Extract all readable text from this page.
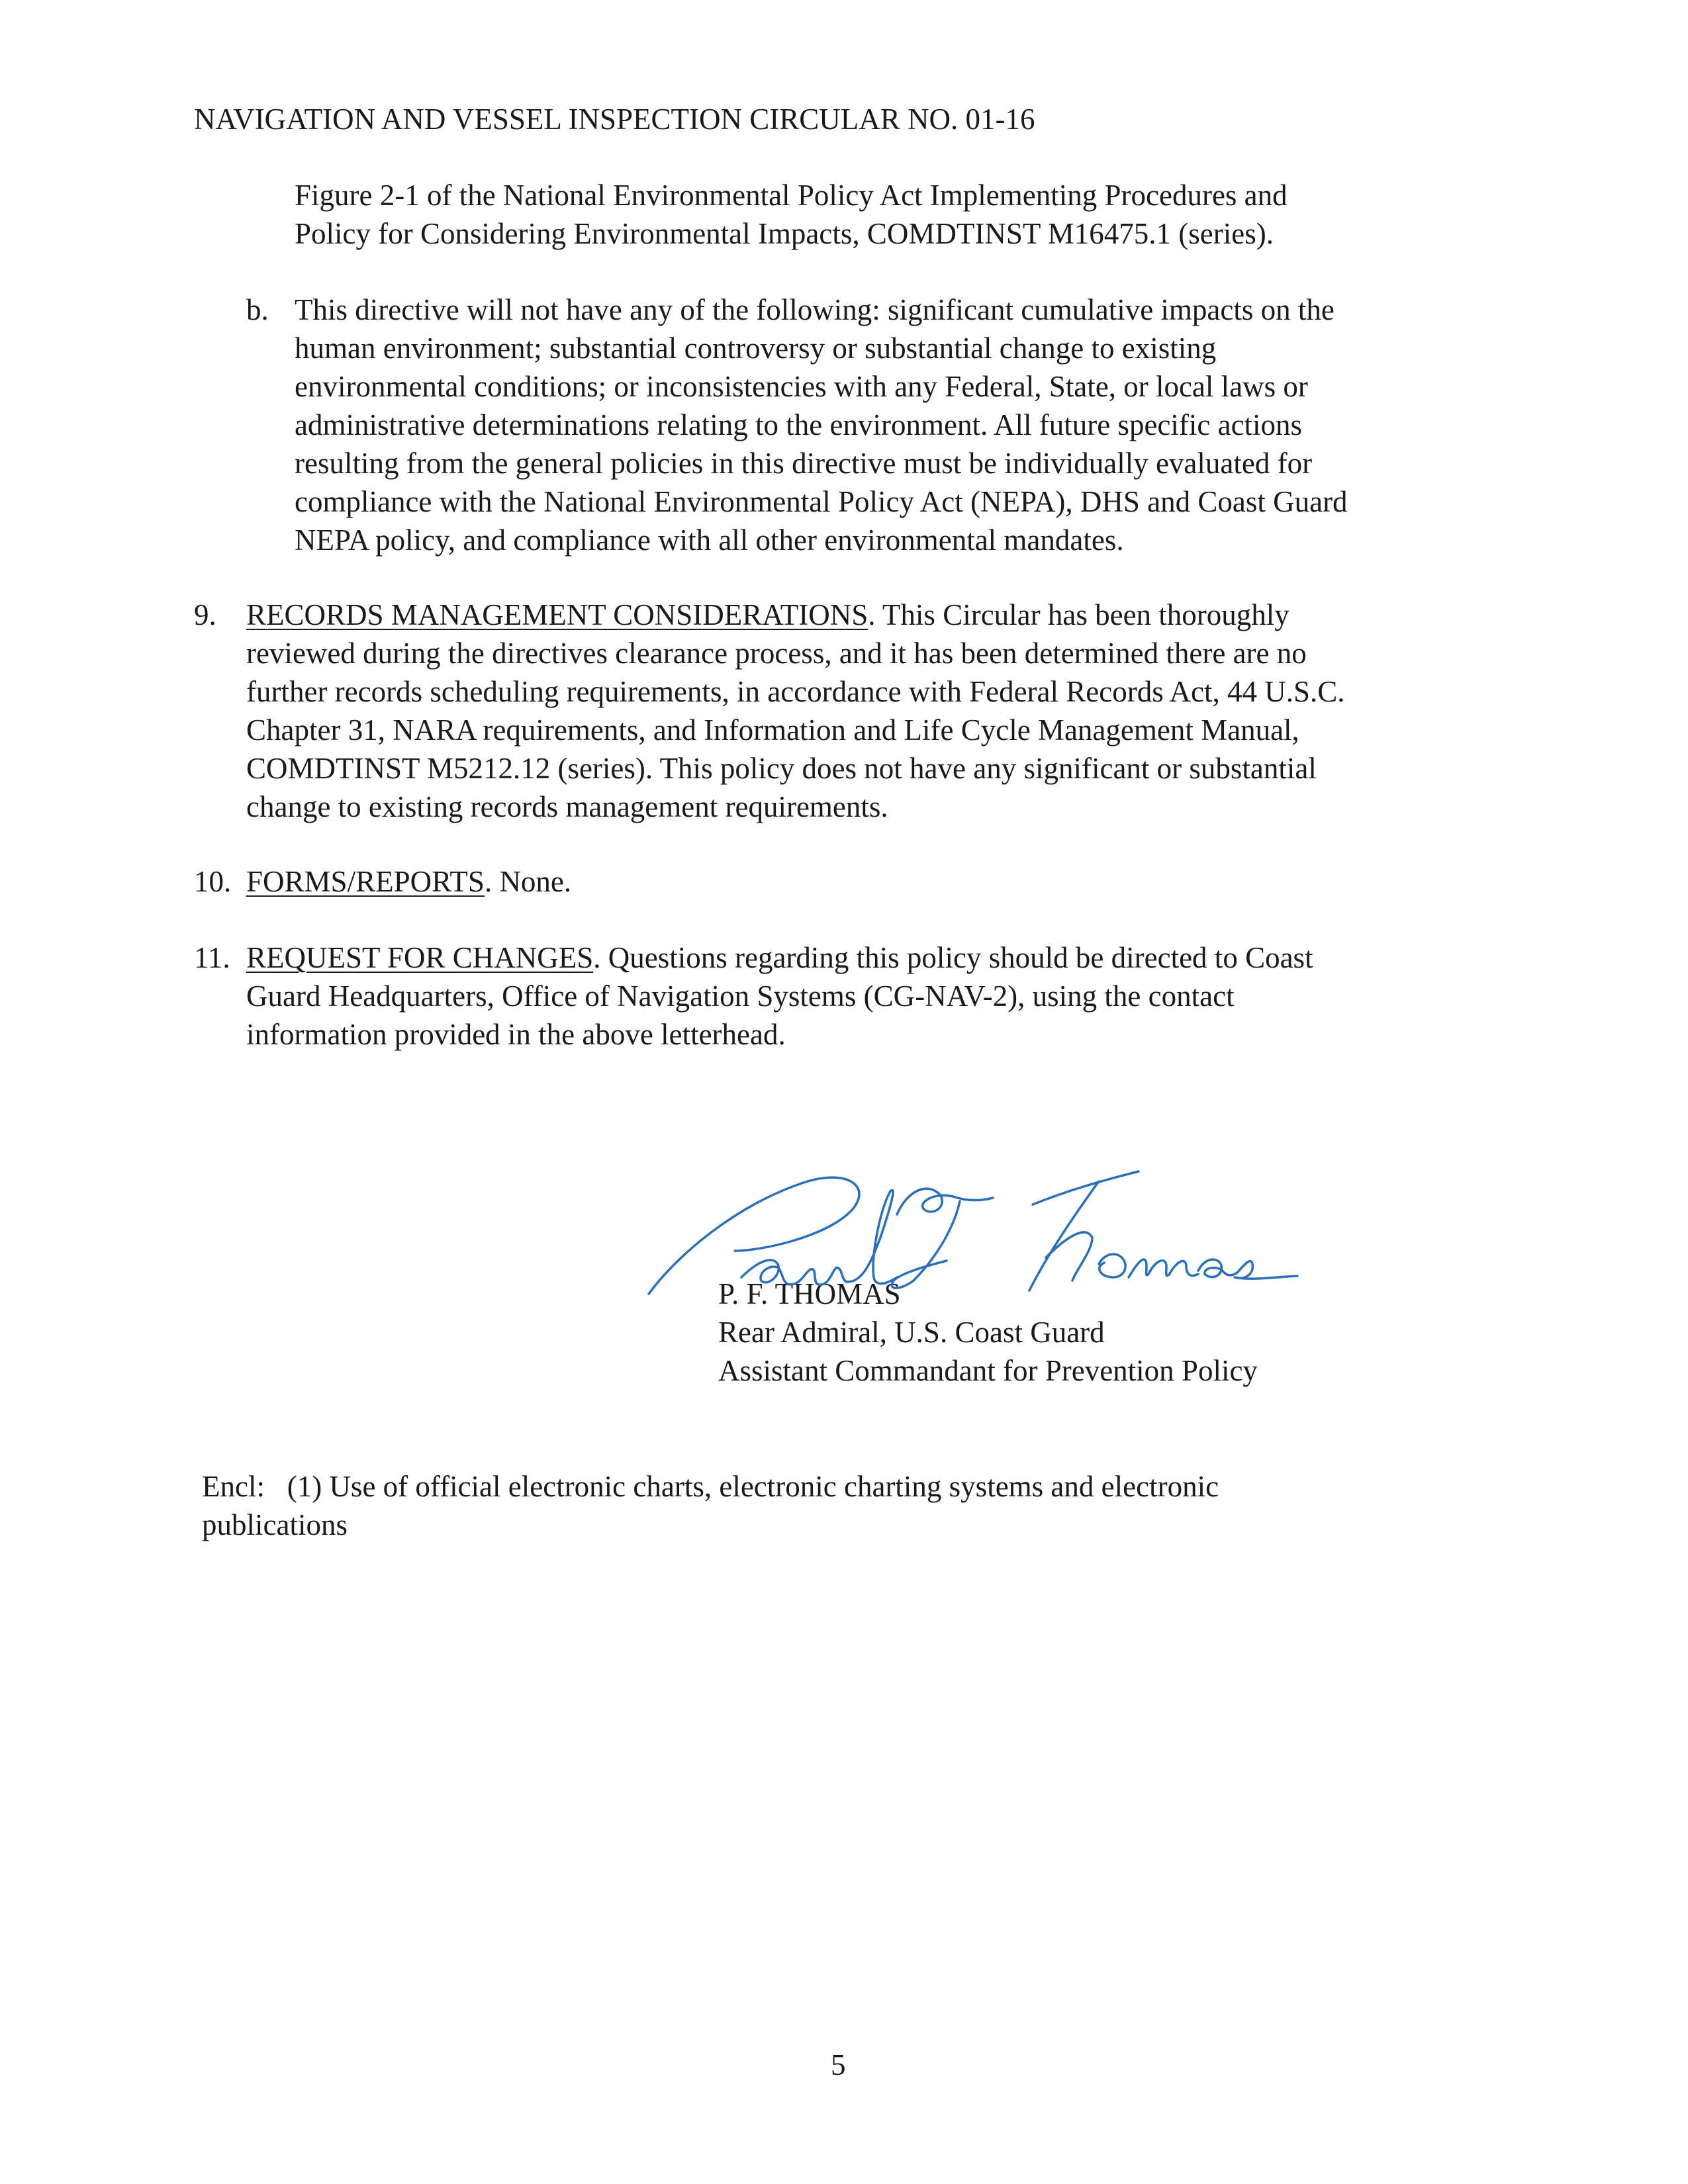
NAVIGATION AND VESSEL INSPECTION CIRCULAR NO. 01-16
Figure 2-1 of the National Environmental Policy Act Implementing Procedures and
Policy for Considering Environmental Impacts, COMDTINST M16475.1 (series).
b. This directive will not have any of the following: significant cumulative impacts on the
human environment; substantial controversy or substantial change to existing
environmental conditions; or inconsistencies with any Federal, State, or local laws or
administrative determinations relating to the environment. All future specific actions
resulting from the general policies in this directive must be individually evaluated for
compliance with the National Environmental Policy Act (NEPA), DHS and Coast Guard
NEPA policy, and compliance with all other environmental mandates.
9. RECORDS MANAGEMENT CONSIDERATIONS. This Circular has been thoroughly
reviewed during the directives clearance process, and it has been determined there are no
further records scheduling requirements, in accordance with Federal Records Act, 44 U.S.C.
Chapter 31, NARA requirements, and Information and Life Cycle Management Manual,
COMDTINST M5212.12 (series). This policy does not have any significant or substantial
change to existing records management requirements.
10. FORMS/REPORTS. None.
11. REQUEST FOR CHANGES. Questions regarding this policy should be directed to Coast
Guard Headquarters, Office of Navigation Systems (CG-NAV-2), using the contact
information provided in the above letterhead.
P. F. THOMAS
Rear Admiral, U.S. Coast Guard
Assistant Commandant for Prevention Policy
Encl: (1) Use of official electronic charts, electronic charting systems and electronic
publications
5
